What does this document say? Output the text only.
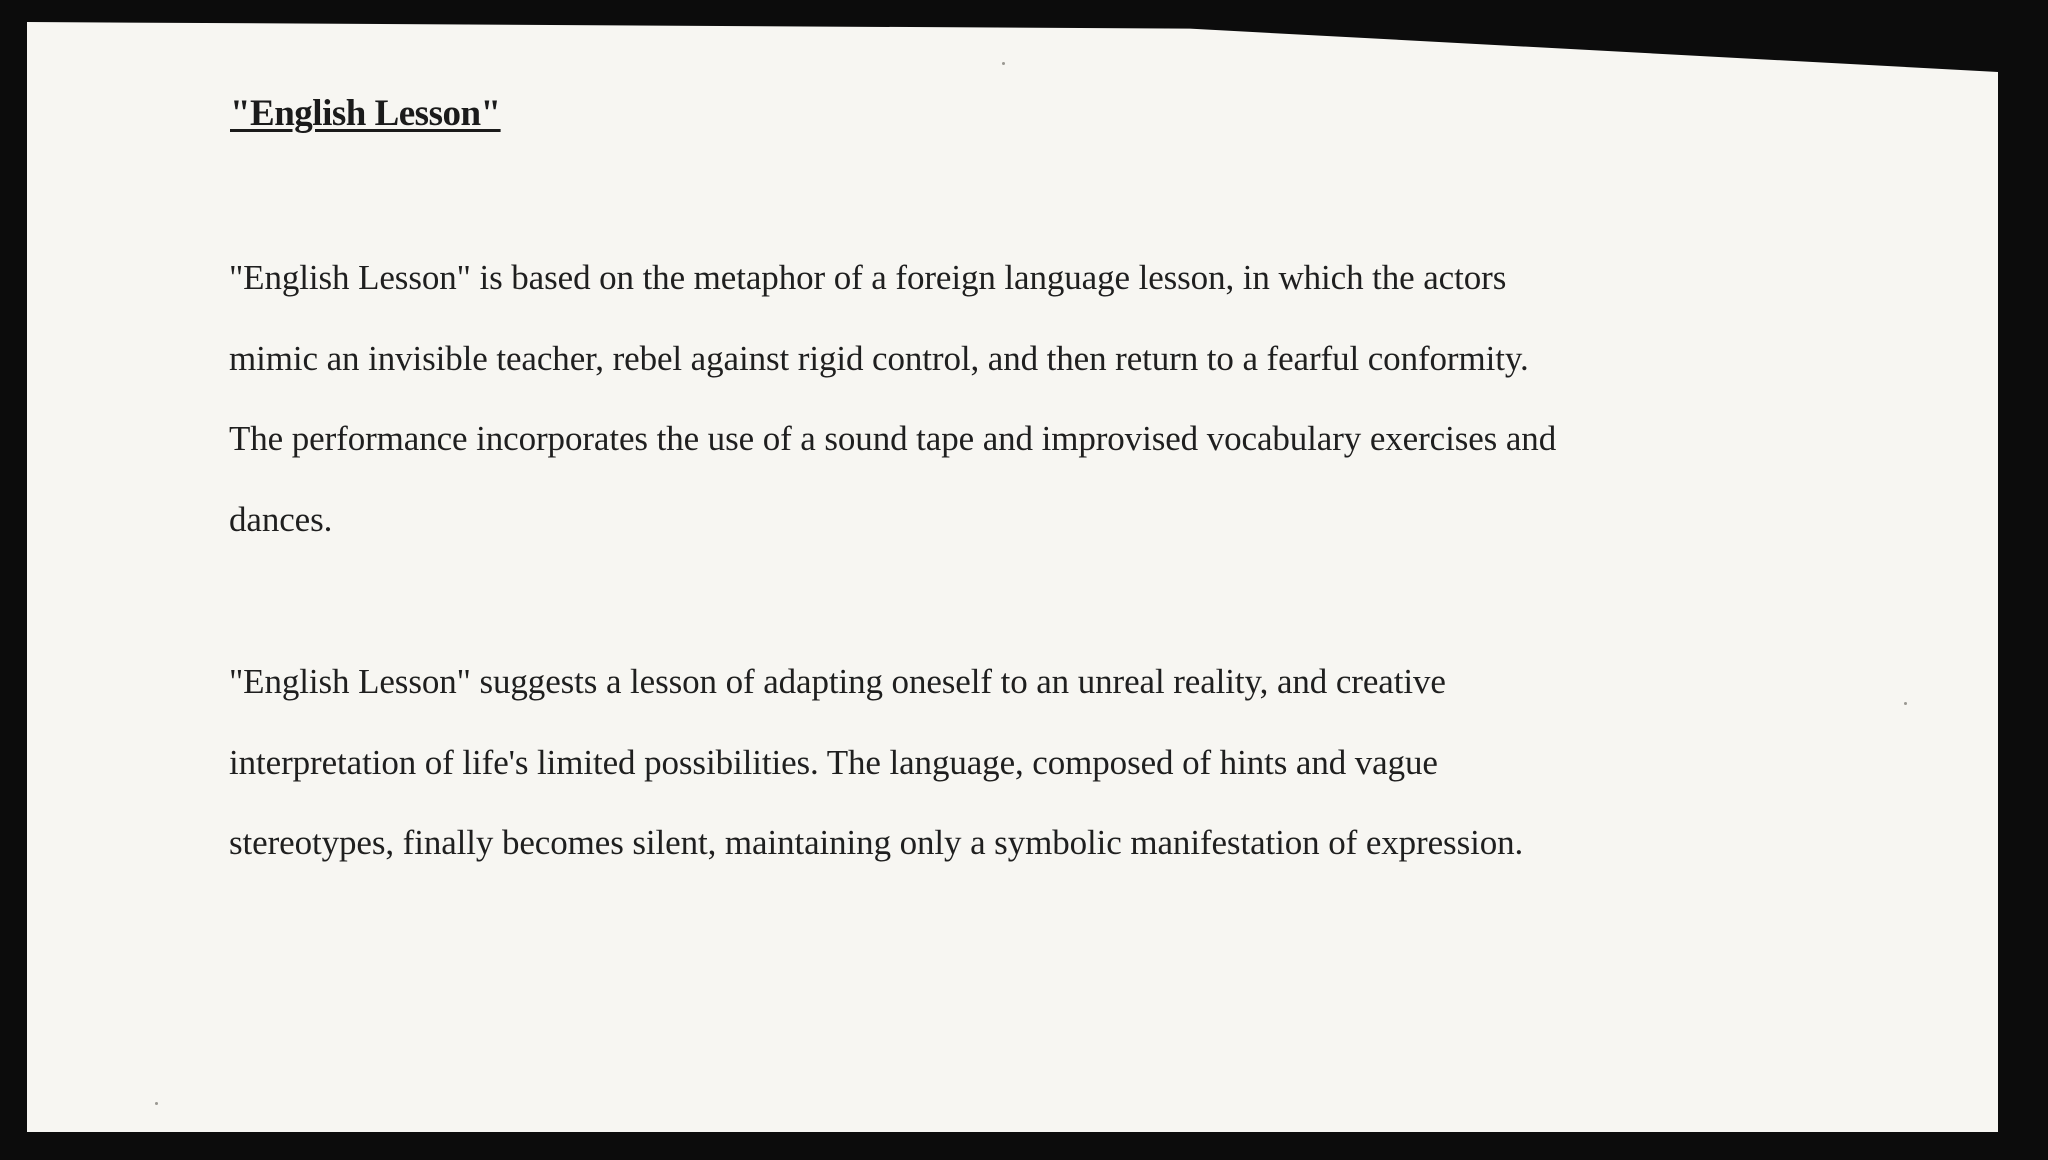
"English Lesson"

"English Lesson" is based on the metaphor of a foreign language lesson, in which the actors
mimic an invisible teacher, rebel against rigid control, and then return to a fearful conformity.
The performance incorporates the use of a sound tape and improvised vocabulary exercises and
dances.

"English Lesson" suggests a lesson of adapting oneself to an unreal reality, and creative
interpretation of life's limited possibilities. The language, composed of hints and vague
stereotypes, finally becomes silent, maintaining only a symbolic manifestation of expression.
